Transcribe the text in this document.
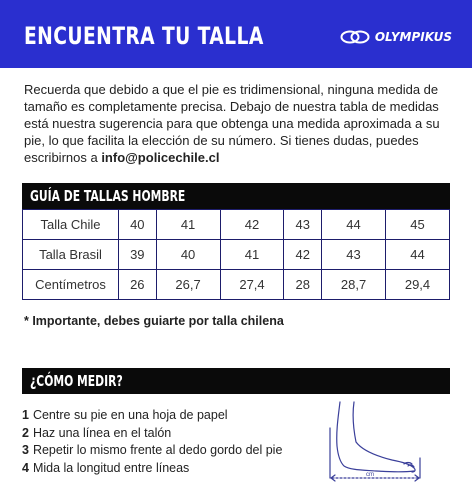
ENCUENTRA TU TALLA	OLYMPIKUS

Recuerda que debido a que el pie es tridimensional, ninguna medida de tamaño es completamente precisa. Debajo de nuestra tabla de medidas está nuestra sugerencia para que obtenga una medida aproximada a su pie, lo que facilita la elección de su número. Si tienes dudas, puedes escribirnos a info@policechile.cl

GUÍA DE TALLAS HOMBRE
Talla Chile	40	41	42	43	44	45
Talla Brasil	39	40	41	42	43	44
Centímetros	26	26,7	27,4	28	28,7	29,4
* Importante, debes guiarte por talla chilena
¿CÓMO MEDIR?
1 Centre su pie en una hoja de papel
2 Haz una línea en el talón
3 Repetir lo mismo frente al dedo gordo del pie
4 Mida la longitud entre líneas
cm
